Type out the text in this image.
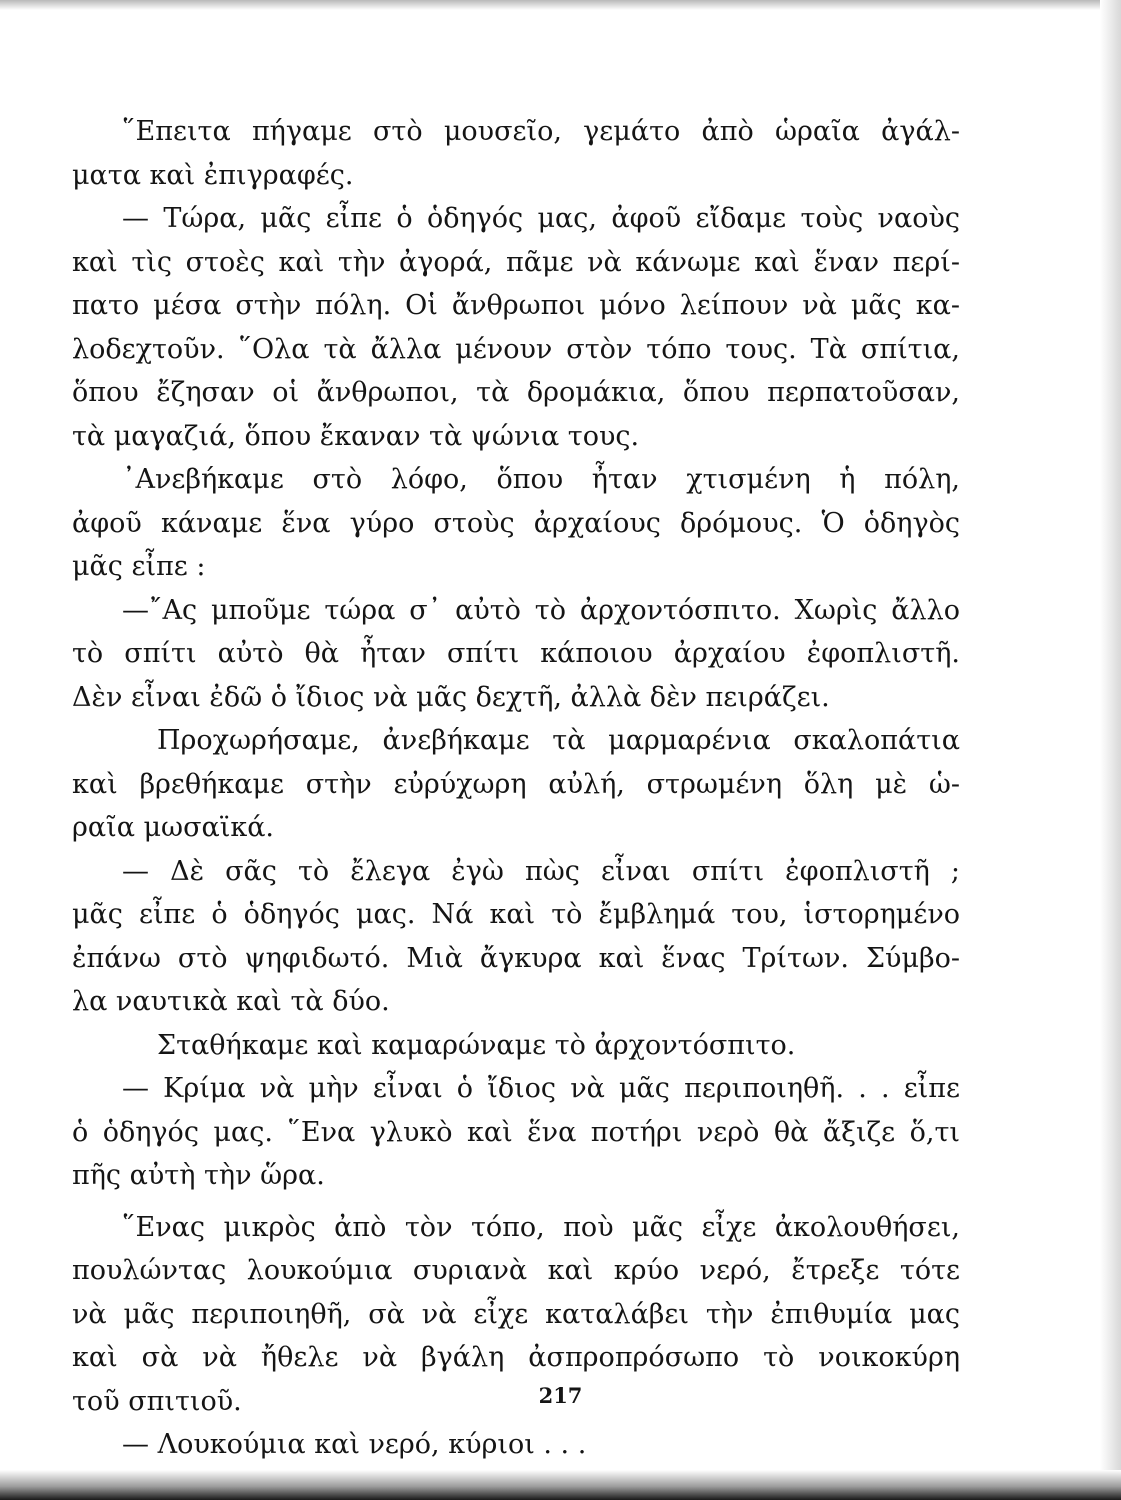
῞Επειτα πήγαμε στὸ μουσεῖο, γεμάτο ἀπὸ ὡραῖα ἀγάλ-
ματα καὶ ἐπιγραφές.
— Τώρα, μᾶς εἶπε ὁ ὁδηγός μας, ἀφοῦ εἴδαμε τοὺς ναοὺς
καὶ τὶς στοὲς καὶ τὴν ἀγορά, πᾶμε νὰ κάνωμε καὶ ἕναν περί-
πατο μέσα στὴν πόλη. Οἱ ἄνθρωποι μόνο λείπουν νὰ μᾶς κα-
λοδεχτοῦν. ῞Ολα τὰ ἄλλα μένουν στὸν τόπο τους. Τὰ σπίτια,
ὅπου ἔζησαν οἱ ἄνθρωποι, τὰ δρομάκια, ὅπου περπατοῦσαν,
τὰ μαγαζιά, ὅπου ἔκαναν τὰ ψώνια τους.
᾿Ανεβήκαμε στὸ λόφο, ὅπου ἦταν χτισμένη ἡ πόλη,
ἀφοῦ κάναμε ἕνα γύρο στοὺς ἀρχαίους δρόμους. Ὁ ὁδηγὸς
μᾶς εἶπε :
—῎Ας μποῦμε τώρα σ᾿ αὐτὸ τὸ ἀρχοντόσπιτο. Χωρὶς ἄλλο
τὸ σπίτι αὐτὸ θὰ ἦταν σπίτι κάποιου ἀρχαίου ἐφοπλιστῆ.
Δὲν εἶναι ἐδῶ ὁ ἴδιος νὰ μᾶς δεχτῆ, ἀλλὰ δὲν πειράζει.
Προχωρήσαμε, ἀνεβήκαμε τὰ μαρμαρένια σκαλοπάτια
καὶ βρεθήκαμε στὴν εὐρύχωρη αὐλή, στρωμένη ὅλη μὲ ὡ-
ραῖα μωσαϊκά.
— Δὲ σᾶς τὸ ἔλεγα ἐγὼ πὼς εἶναι σπίτι ἐφοπλιστῆ ;
μᾶς εἶπε ὁ ὁδηγός μας. Νά καὶ τὸ ἔμβλημά του, ἱστορημένο
ἐπάνω στὸ ψηφιδωτό. Μιὰ ἄγκυρα καὶ ἕνας Τρίτων. Σύμβο-
λα ναυτικὰ καὶ τὰ δύο.
Σταθήκαμε καὶ καμαρώναμε τὸ ἀρχοντόσπιτο.
— Κρίμα νὰ μὴν εἶναι ὁ ἴδιος νὰ μᾶς περιποιηθῆ. . . εἶπε
ὁ ὁδηγός μας. ῞Ενα γλυκὸ καὶ ἕνα ποτήρι νερὸ θὰ ἄξιζε ὅ,τι
πῆς αὐτὴ τὴν ὥρα.
῞Ενας μικρὸς ἀπὸ τὸν τόπο, ποὺ μᾶς εἶχε ἀκολουθήσει,
πουλώντας λουκούμια συριανὰ καὶ κρύο νερό, ἔτρεξε τότε
νὰ μᾶς περιποιηθῆ, σὰ νὰ εἶχε καταλάβει τὴν ἐπιθυμία μας
καὶ σὰ νὰ ἤθελε νὰ βγάλη ἀσπροπρόσωπο τὸ νοικοκύρη
τοῦ σπιτιοῦ.
— Λουκούμια καὶ νερό, κύριοι . . .
217
